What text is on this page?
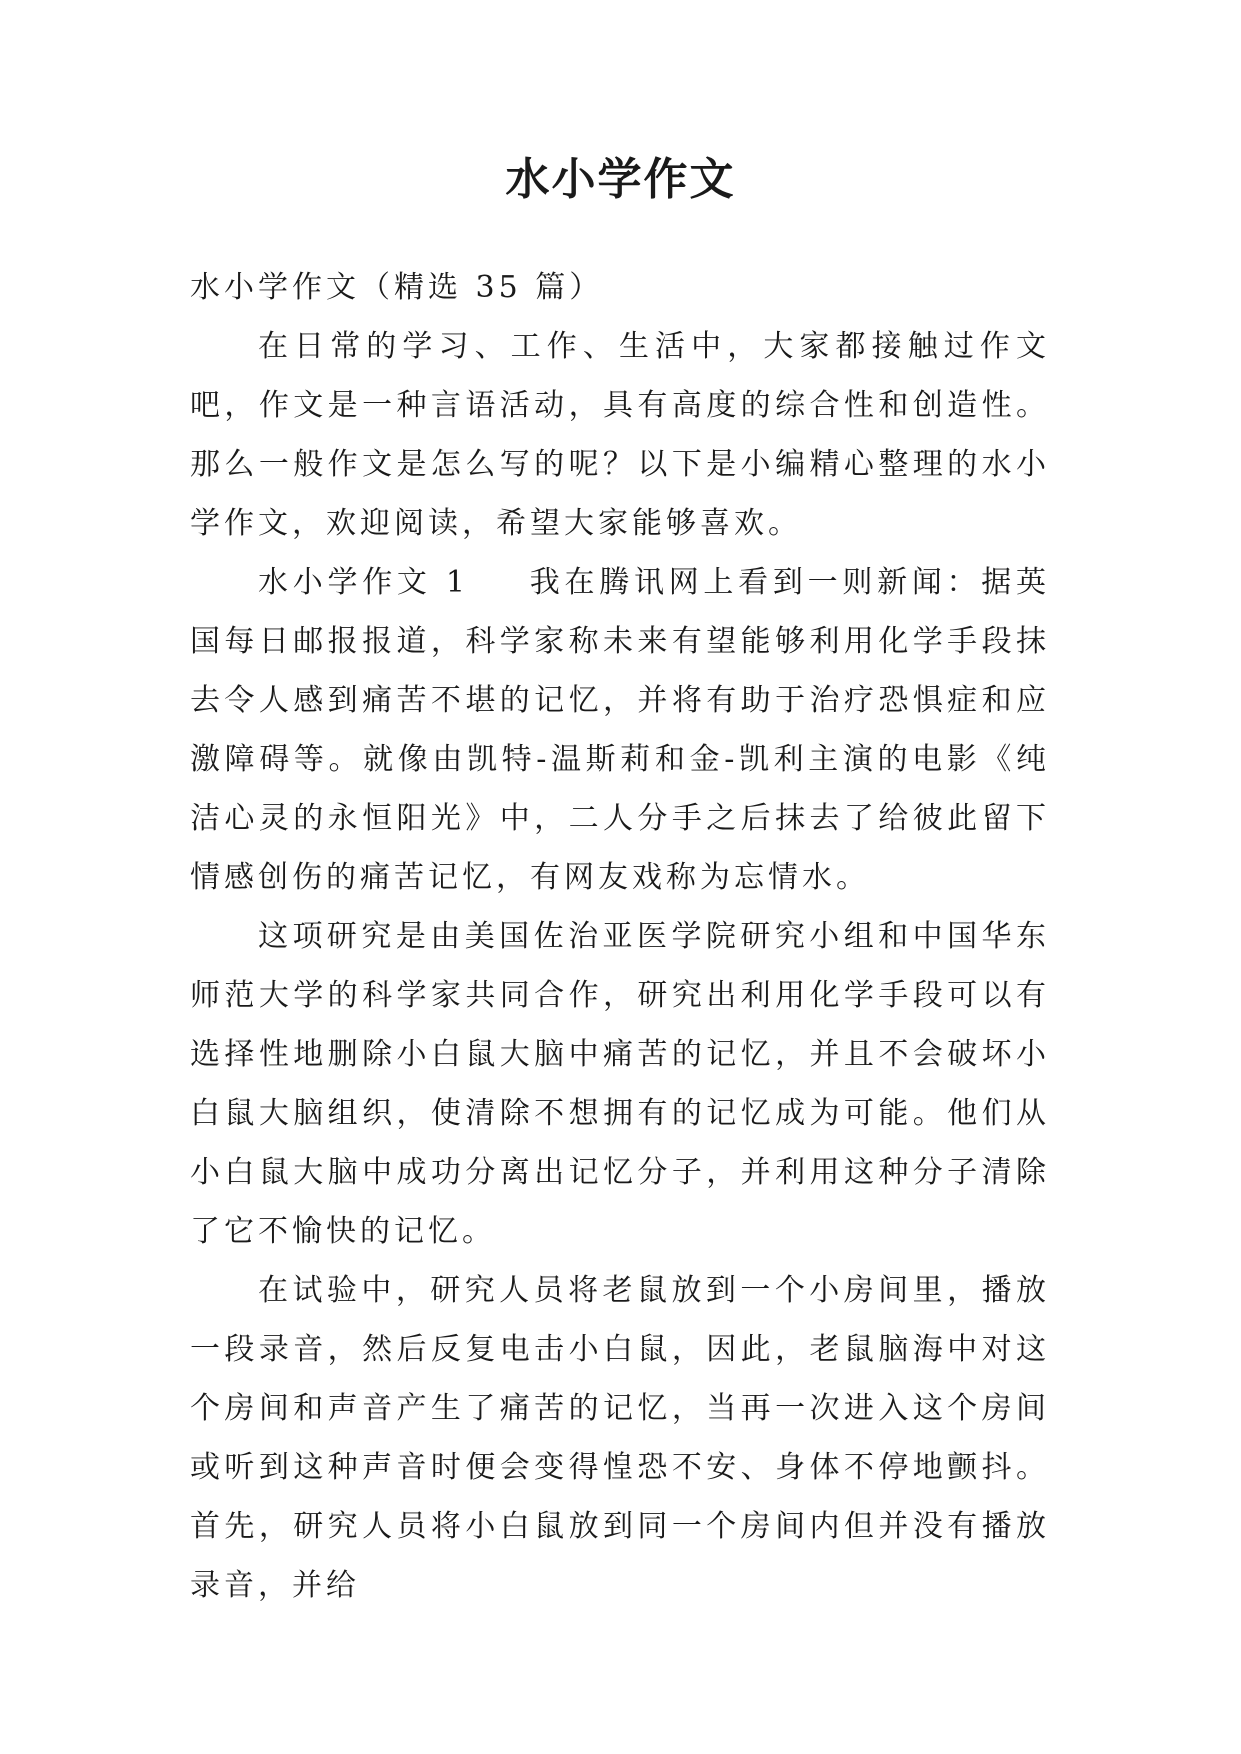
水小学作文

水小学作文（精选 35 篇）

在日常的学习、工作、生活中，大家都接触过作文吧，作文是一种言语活动，具有高度的综合性和创造性。那么一般作文是怎么写的呢？以下是小编精心整理的水小学作文，欢迎阅读，希望大家能够喜欢。

水小学作文 1 我在腾讯网上看到一则新闻：据英国每日邮报报道，科学家称未来有望能够利用化学手段抹去令人感到痛苦不堪的记忆，并将有助于治疗恐惧症和应激障碍等。就像由凯特-温斯莉和金-凯利主演的电影《纯洁心灵的永恒阳光》中，二人分手之后抹去了给彼此留下情感创伤的痛苦记忆，有网友戏称为忘情水。

这项研究是由美国佐治亚医学院研究小组和中国华东师范大学的科学家共同合作，研究出利用化学手段可以有选择性地删除小白鼠大脑中痛苦的记忆，并且不会破坏小白鼠大脑组织，使清除不想拥有的记忆成为可能。他们从小白鼠大脑中成功分离出记忆分子，并利用这种分子清除了它不愉快的记忆。

在试验中，研究人员将老鼠放到一个小房间里，播放一段录音，然后反复电击小白鼠，因此，老鼠脑海中对这个房间和声音产生了痛苦的记忆，当再一次进入这个房间或听到这种声音时便会变得惶恐不安、身体不停地颤抖。首先，研究人员将小白鼠放到同一个房间内但并没有播放录音，并给
